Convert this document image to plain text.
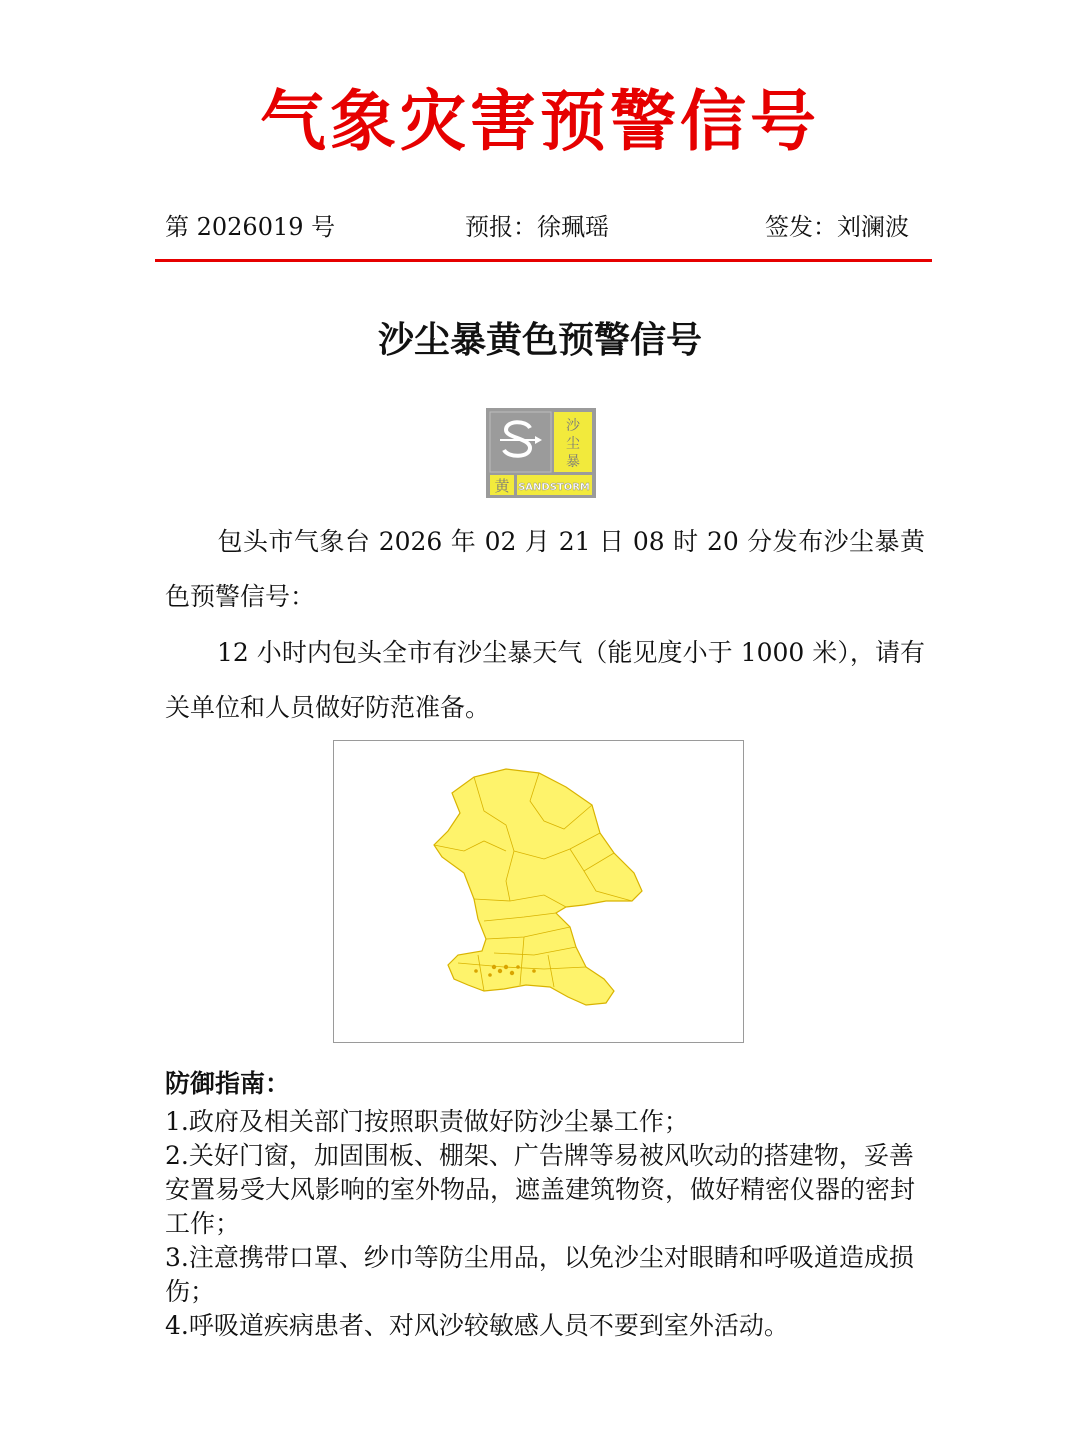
气象灾害预警信号
第 2026019 号	预报：徐珮瑶	签发：刘澜波
沙尘暴黄色预警信号
沙
尘
暴
黄 SANDSTORM
包头市气象台 2026 年 02 月 21 日 08 时 20 分发布沙尘暴黄色预警信号：
12 小时内包头全市有沙尘暴天气（能见度小于 1000 米），请有关单位和人员做好防范准备。
防御指南：
1.政府及相关部门按照职责做好防沙尘暴工作；
2.关好门窗，加固围板、棚架、广告牌等易被风吹动的搭建物，妥善安置易受大风影响的室外物品，遮盖建筑物资，做好精密仪器的密封工作；
3.注意携带口罩、纱巾等防尘用品，以免沙尘对眼睛和呼吸道造成损伤；
4.呼吸道疾病患者、对风沙较敏感人员不要到室外活动。
